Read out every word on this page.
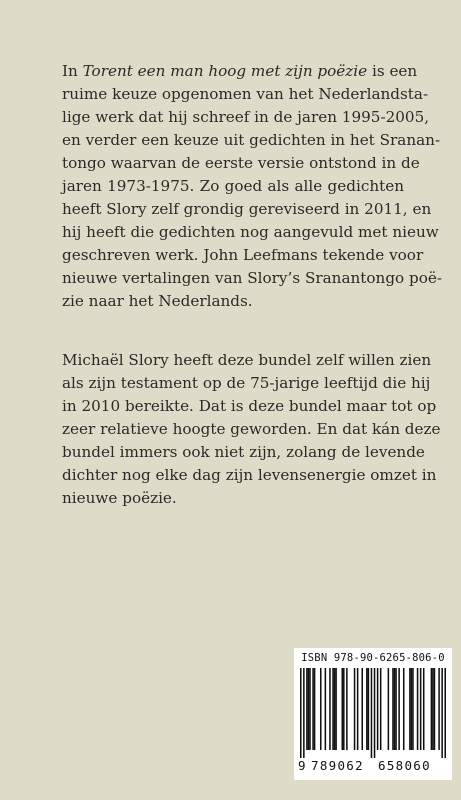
In Torent een man hoog met zijn poëzie is een
ruime keuze opgenomen van het Nederlandsta-
lige werk dat hij schreef in de jaren 1995-2005,
en verder een keuze uit gedichten in het Sranan-
tongo waarvan de eerste versie ontstond in de
jaren 1973-1975. Zo goed als alle gedichten
heeft Slory zelf grondig gereviseerd in 2011, en
hij heeft die gedichten nog aangevuld met nieuw
geschreven werk. John Leefmans tekende voor
nieuwe vertalingen van Slory’s Sranantongo poë-
zie naar het Nederlands.
Michaël Slory heeft deze bundel zelf willen zien
als zijn testament op de 75-jarige leeftijd die hij
in 2010 bereikte. Dat is deze bundel maar tot op
zeer relatieve hoogte geworden. En dat kán deze
bundel immers ook niet zijn, zolang de levende
dichter nog elke dag zijn levensenergie omzet in
nieuwe poëzie.
ISBN 978-90-6265-806-0
9 789062 658060
